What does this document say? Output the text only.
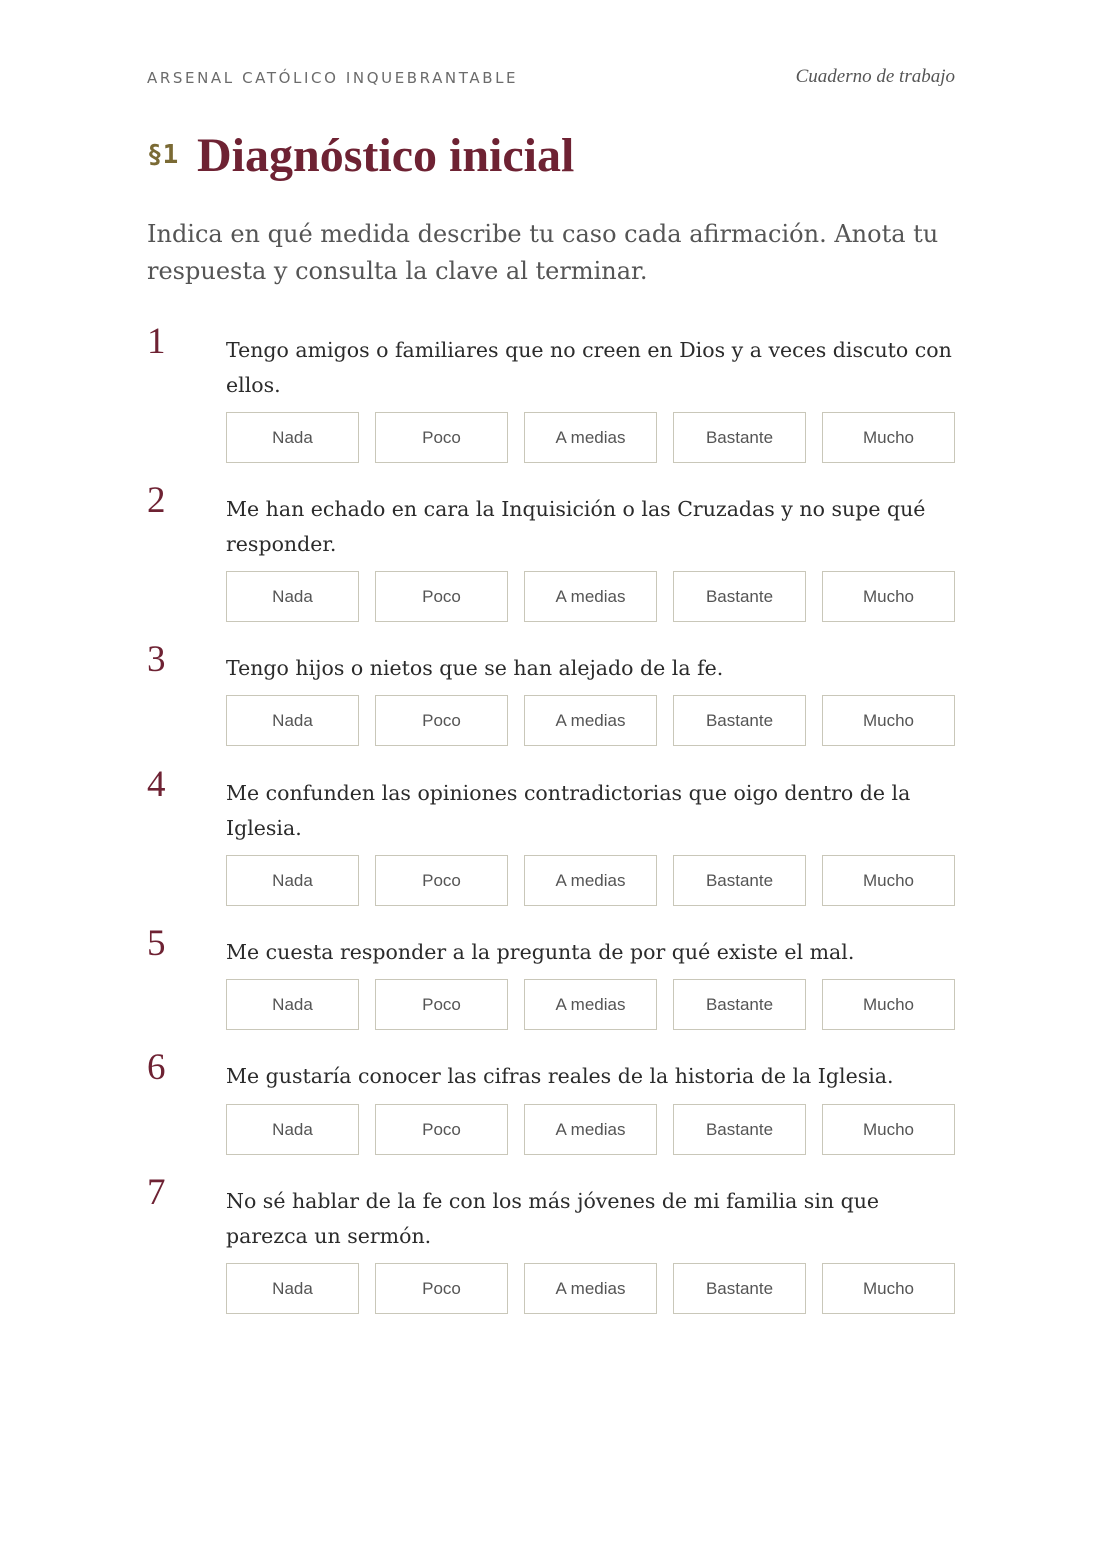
ARSENAL CATÓLICO INQUEBRANTABLE	Cuaderno de trabajo
§1 Diagnóstico inicial

Indica en qué medida describe tu caso cada afirmación. Anota tu respuesta y consulta la clave al terminar.

1	Tengo amigos o familiares que no creen en Dios y a veces discuto con ellos.

Nada	Poco	A medias	Bastante	Mucho
2	Me han echado en cara la Inquisición o las Cruzadas y no supe qué responder.

Nada	Poco	A medias	Bastante	Mucho
3	Tengo hijos o nietos que se han alejado de la fe.

Nada	Poco	A medias	Bastante	Mucho
4	Me confunden las opiniones contradictorias que oigo dentro de la Iglesia.

Nada	Poco	A medias	Bastante	Mucho
5	Me cuesta responder a la pregunta de por qué existe el mal.

Nada	Poco	A medias	Bastante	Mucho
6	Me gustaría conocer las cifras reales de la historia de la Iglesia.

Nada	Poco	A medias	Bastante	Mucho
7	No sé hablar de la fe con los más jóvenes de mi familia sin que parezca un sermón.

Nada	Poco	A medias	Bastante	Mucho
